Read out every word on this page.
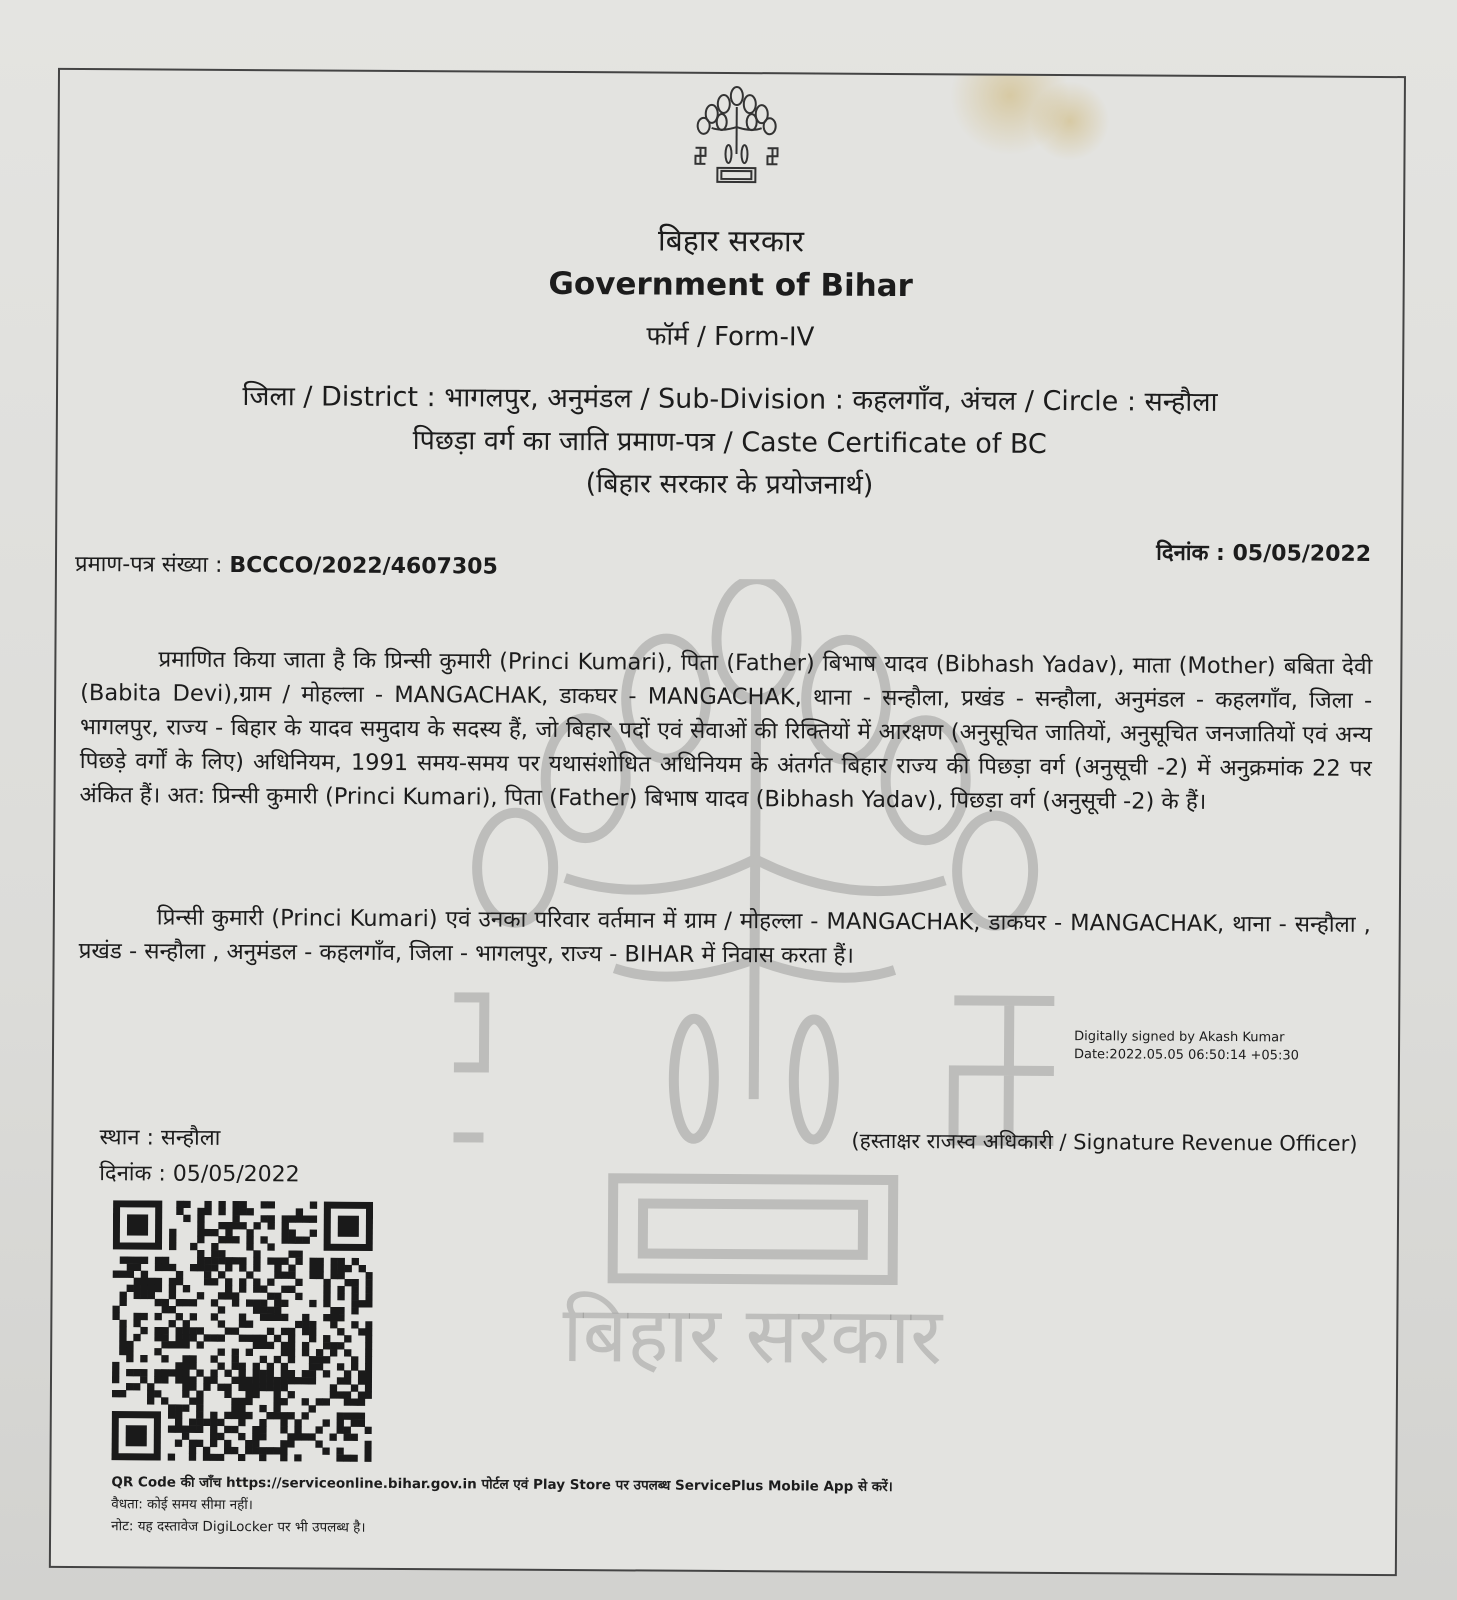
बिहार सरकार
बिहार सरकार
Government of Bihar
फॉर्म / Form-IV
जिला / District : भागलपुर, अनुमंडल / Sub-Division : कहलगाँव, अंचल / Circle : सन्हौला
पिछड़ा वर्ग का जाति प्रमाण-पत्र / Caste Certificate of BC
(बिहार सरकार के प्रयोजनार्थ)
दिनांक : 05/05/2022
प्रमाण-पत्र संख्या : BCCCO/2022/4607305
प्रमाणित किया जाता है कि प्रिन्सी कुमारी (Princi Kumari), पिता (Father) बिभाष यादव (Bibhash Yadav), माता (Mother) बबिता देवी (Babita Devi),ग्राम / मोहल्ला - MANGACHAK, डाकघर - MANGACHAK, थाना - सन्हौला, प्रखंड - सन्हौला, अनुमंडल - कहलगाँव, जिला - भागलपुर, राज्य - बिहार के यादव समुदाय के सदस्य हैं, जो बिहार पदों एवं सेवाओं की रिक्तियों में आरक्षण (अनुसूचित जातियों, अनुसूचित जनजातियों एवं अन्य पिछड़े वर्गों के लिए) अधिनियम, 1991 समय-समय पर यथासंशोधित अधिनियम के अंतर्गत बिहार राज्य की पिछड़ा वर्ग (अनुसूची -2) में अनुक्रमांक 22 पर अंकित हैं। अत: प्रिन्सी कुमारी (Princi Kumari), पिता (Father) बिभाष यादव (Bibhash Yadav), पिछड़ा वर्ग (अनुसूची -2) के हैं।
प्रिन्सी कुमारी (Princi Kumari) एवं उनका परिवार वर्तमान में ग्राम / मोहल्ला - MANGACHAK, डाकघर - MANGACHAK, थाना - सन्हौला , प्रखंड - सन्हौला , अनुमंडल - कहलगाँव, जिला - भागलपुर, राज्य - BIHAR में निवास करता हैं।
Digitally signed by Akash Kumar
Date:2022.05.05 06:50:14 +05:30
स्थान : सन्हौला
दिनांक : 05/05/2022
(हस्ताक्षर राजस्व अधिकारी / Signature Revenue Officer)
QR Code की जाँच https://serviceonline.bihar.gov.in पोर्टल एवं Play Store पर उपलब्ध ServicePlus Mobile App से करें।
वैधता: कोई समय सीमा नहीं।
नोट: यह दस्तावेज DigiLocker पर भी उपलब्ध है।
